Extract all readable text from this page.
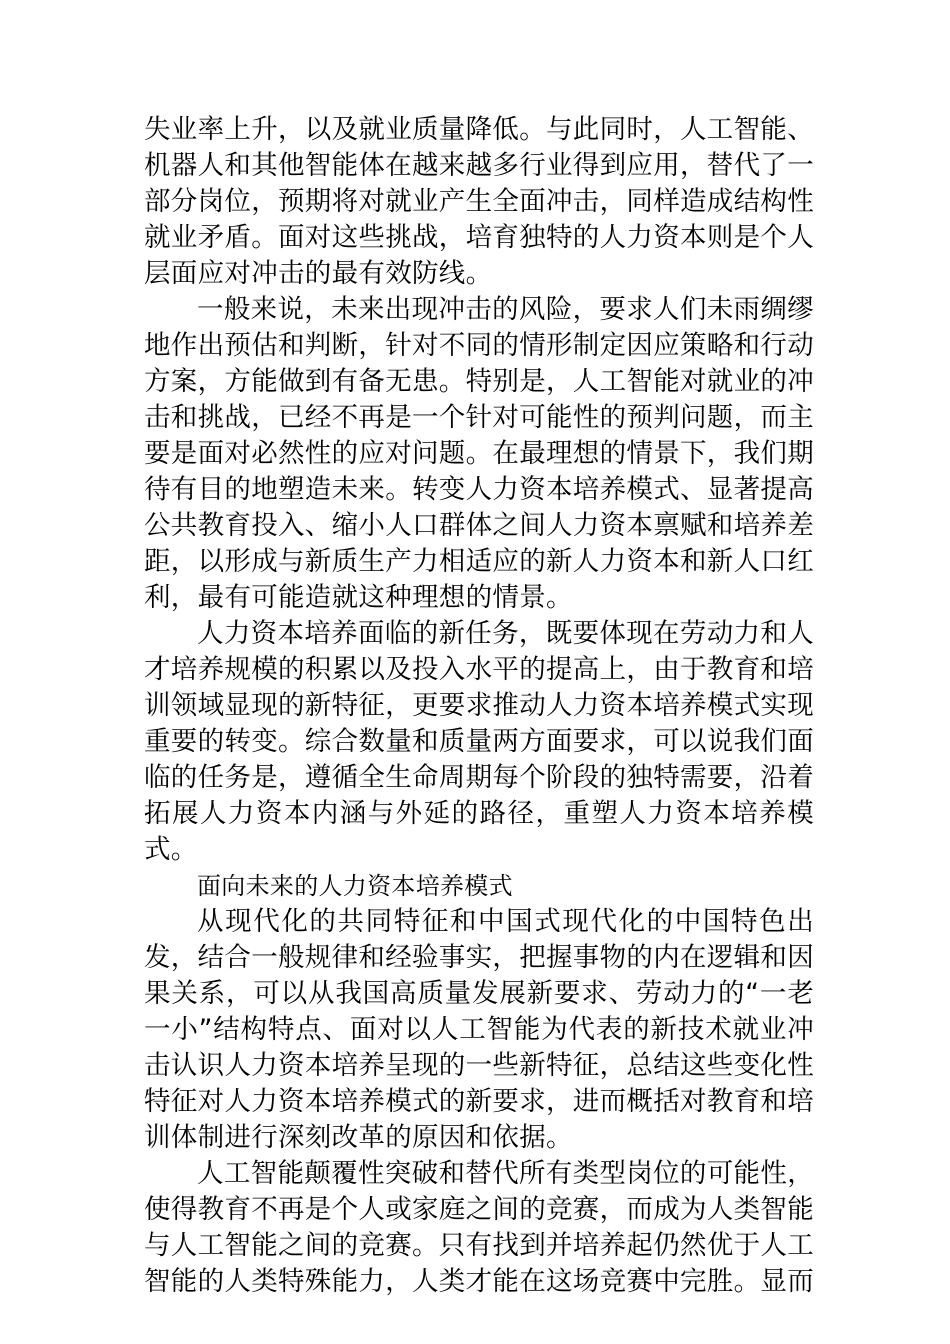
失业率上升，以及就业质量降低。与此同时，人工智能、机器人和其他智能体在越来越多行业得到应用，替代了一部分岗位，预期将对就业产生全面冲击，同样造成结构性就业矛盾。面对这些挑战，培育独特的人力资本则是个人层面应对冲击的最有效防线。

一般来说，未来出现冲击的风险，要求人们未雨绸缪地作出预估和判断，针对不同的情形制定因应策略和行动方案，方能做到有备无患。特别是，人工智能对就业的冲击和挑战，已经不再是一个针对可能性的预判问题，而主要是面对必然性的应对问题。在最理想的情景下，我们期待有目的地塑造未来。转变人力资本培养模式、显著提高公共教育投入、缩小人口群体之间人力资本禀赋和培养差距，以形成与新质生产力相适应的新人力资本和新人口红利，最有可能造就这种理想的情景。

人力资本培养面临的新任务，既要体现在劳动力和人才培养规模的积累以及投入水平的提高上，由于教育和培训领域显现的新特征，更要求推动人力资本培养模式实现重要的转变。综合数量和质量两方面要求，可以说我们面临的任务是，遵循全生命周期每个阶段的独特需要，沿着拓展人力资本内涵与外延的路径，重塑人力资本培养模式。

面向未来的人力资本培养模式

从现代化的共同特征和中国式现代化的中国特色出发，结合一般规律和经验事实，把握事物的内在逻辑和因果关系，可以从我国高质量发展新要求、劳动力的“一老一小”结构特点、面对以人工智能为代表的新技术就业冲击认识人力资本培养呈现的一些新特征，总结这些变化性特征对人力资本培养模式的新要求，进而概括对教育和培训体制进行深刻改革的原因和依据。

人工智能颠覆性突破和替代所有类型岗位的可能性，使得教育不再是个人或家庭之间的竞赛，而成为人类智能与人工智能之间的竞赛。只有找到并培养起仍然优于人工智能的人类特殊能力，人类才能在这场竞赛中完胜。显而
